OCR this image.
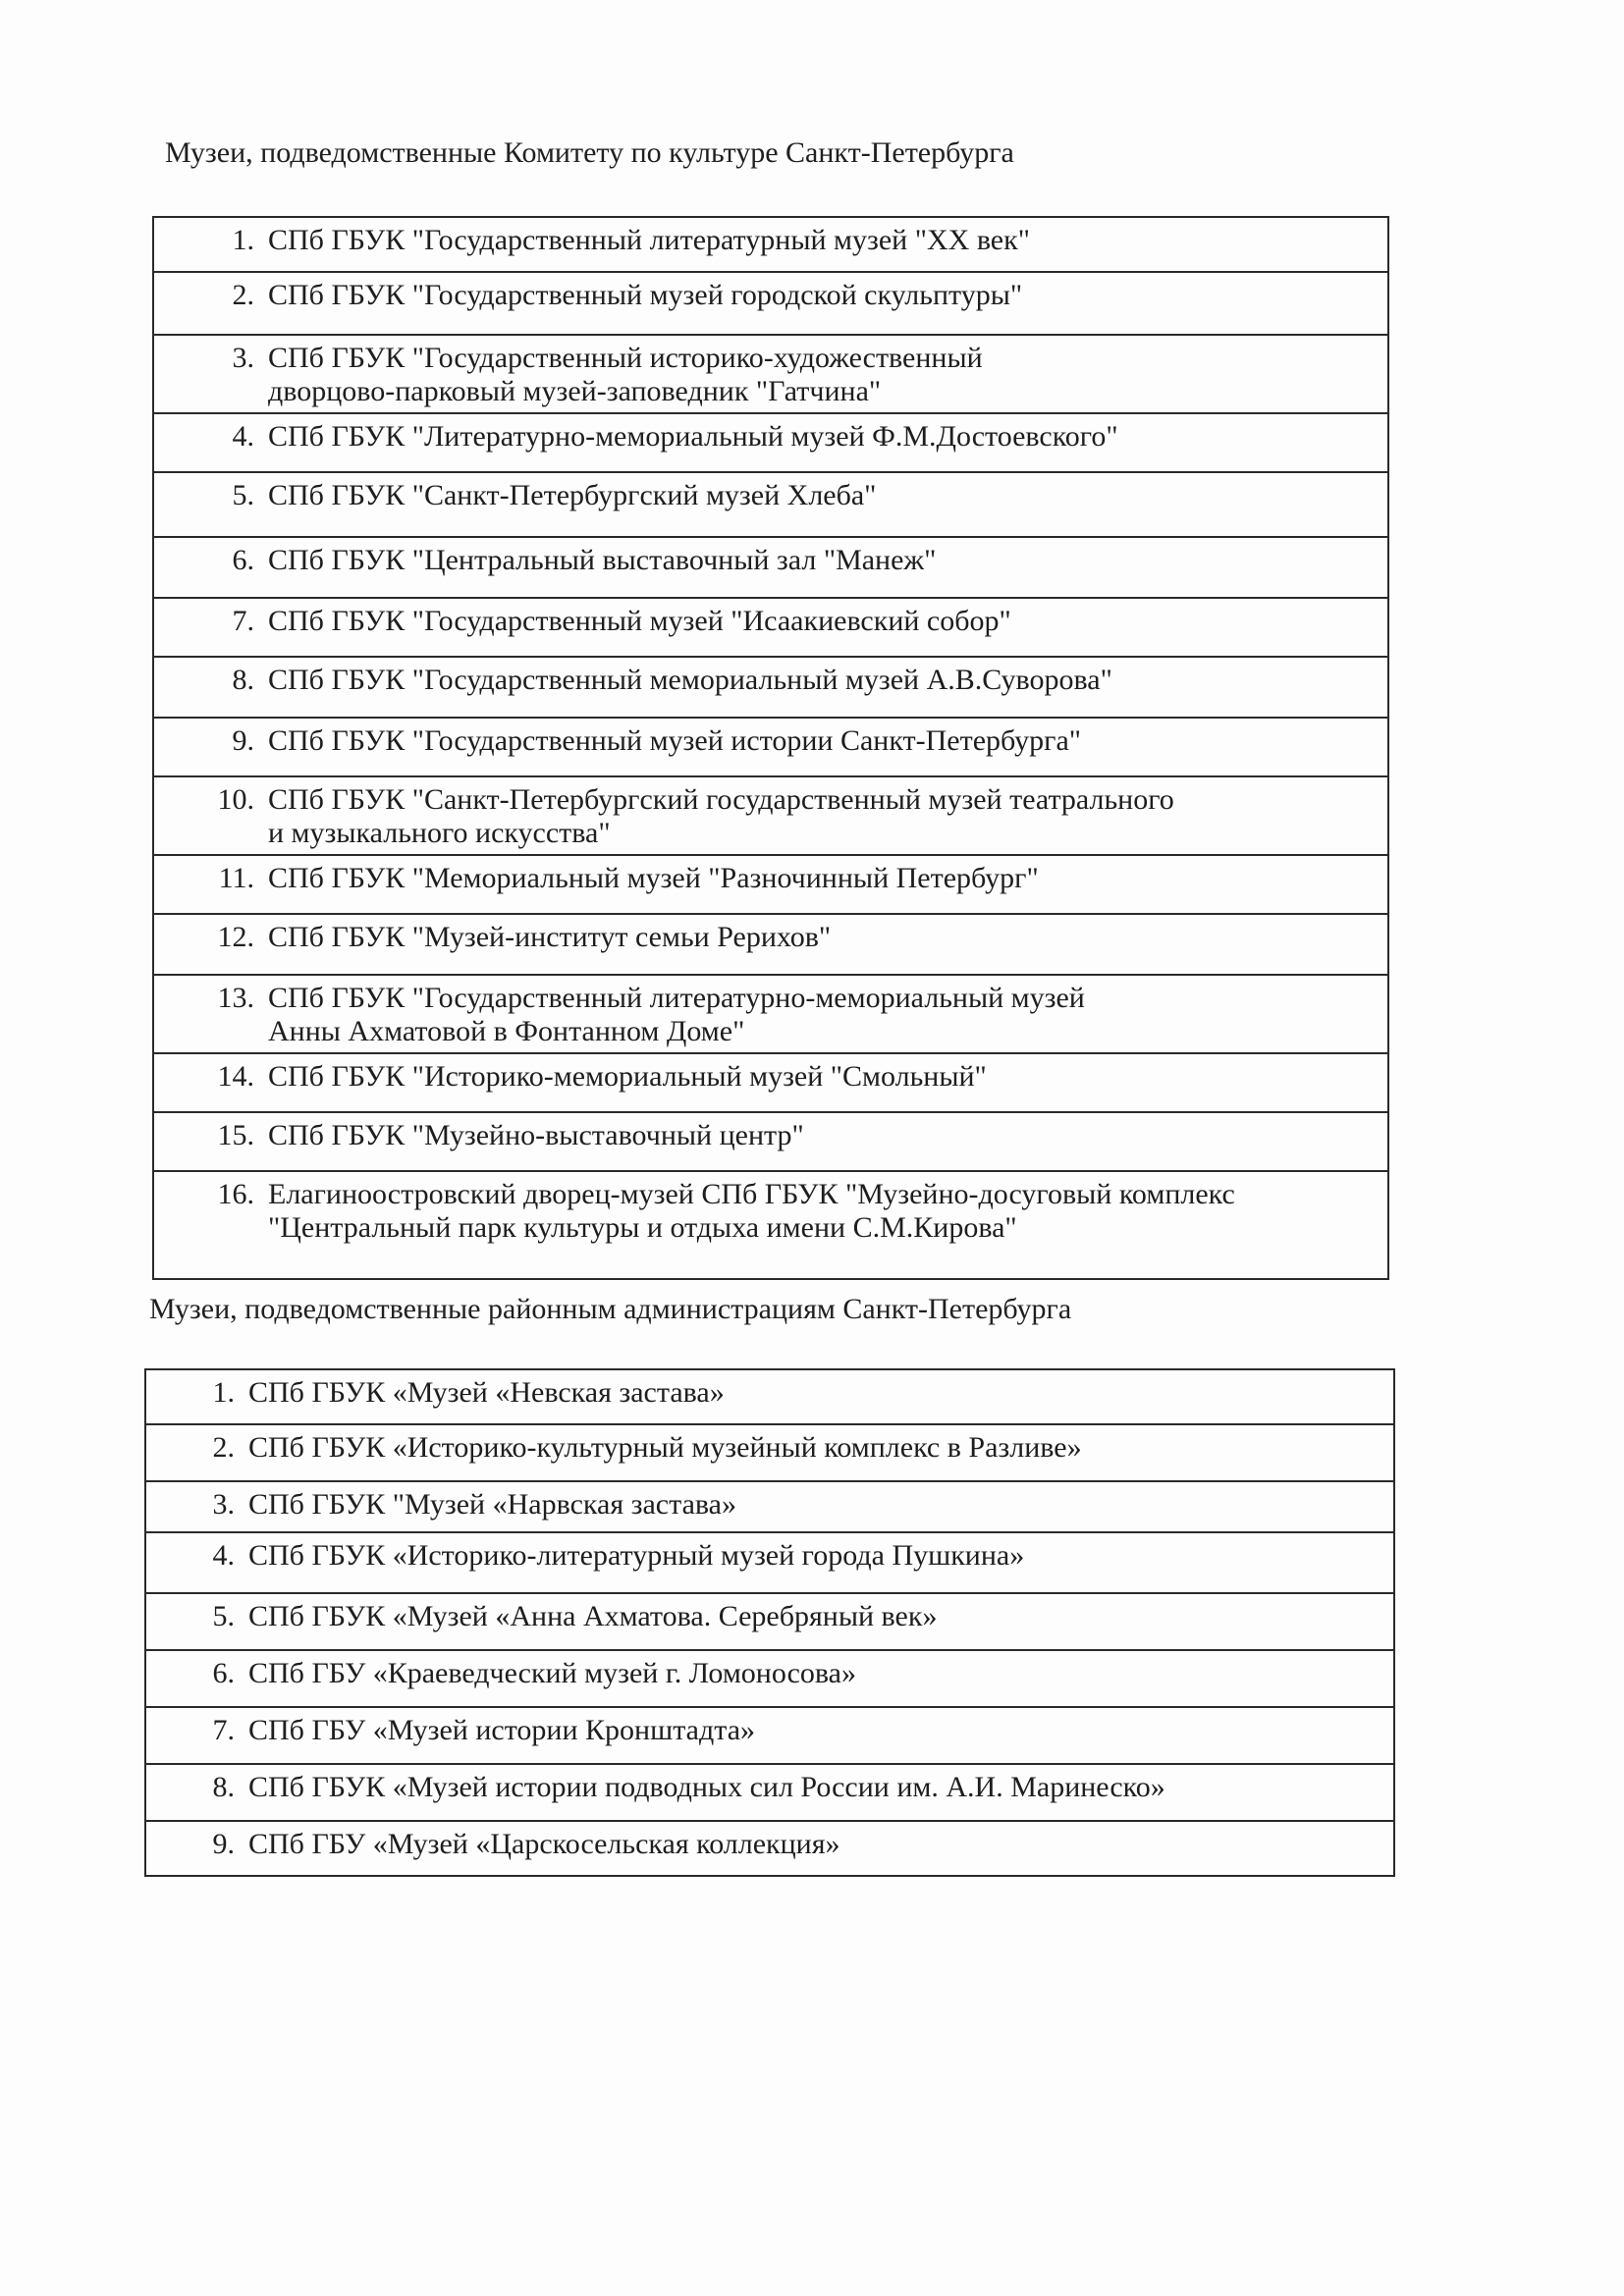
Музеи, подведомственные Комитету по культуре Санкт-Петербурга
1. СПб ГБУК "Государственный литературный музей "XX век"

2. СПб ГБУК "Государственный музей городской скульптуры"

3. СПб ГБУК "Государственный историко-художественный
дворцово-парковый музей-заповедник "Гатчина"

4. СПб ГБУК "Литературно-мемориальный музей Ф.М.Достоевского"

5. СПб ГБУК "Санкт-Петербургский музей Хлеба"

6. СПб ГБУК "Центральный выставочный зал "Манеж"

7. СПб ГБУК "Государственный музей "Исаакиевский собор"

8. СПб ГБУК "Государственный мемориальный музей А.В.Суворова"

9. СПб ГБУК "Государственный музей истории Санкт-Петербурга"

10. СПб ГБУК "Санкт-Петербургский государственный музей театрального
и музыкального искусства"

11. СПб ГБУК "Мемориальный музей "Разночинный Петербург"

12. СПб ГБУК "Музей-институт семьи Рерихов"

13. СПб ГБУК "Государственный литературно-мемориальный музей
Анны Ахматовой в Фонтанном Доме"

14. СПб ГБУК "Историко-мемориальный музей "Смольный"

15. СПб ГБУК "Музейно-выставочный центр"

16. Елагиноостровский дворец-музей СПб ГБУК "Музейно-досуговый комплекс
"Центральный парк культуры и отдыха имени С.М.Кирова"
Музеи, подведомственные районным администрациям Санкт-Петербурга
1. СПб ГБУК «Музей «Невская застава»

2. СПб ГБУК «Историко-культурный музейный комплекс в Разливе»

3. СПб ГБУК "Музей «Нарвская застава»

4. СПб ГБУК «Историко-литературный музей города Пушкина»

5. СПб ГБУК «Музей «Анна Ахматова. Серебряный век»

6. СПб ГБУ «Краеведческий музей г. Ломоносова»

7. СПб ГБУ «Музей истории Кронштадта»

8. СПб ГБУК «Музей истории подводных сил России им. А.И. Маринеско»

9. СПб ГБУ «Музей «Царскосельская коллекция»
